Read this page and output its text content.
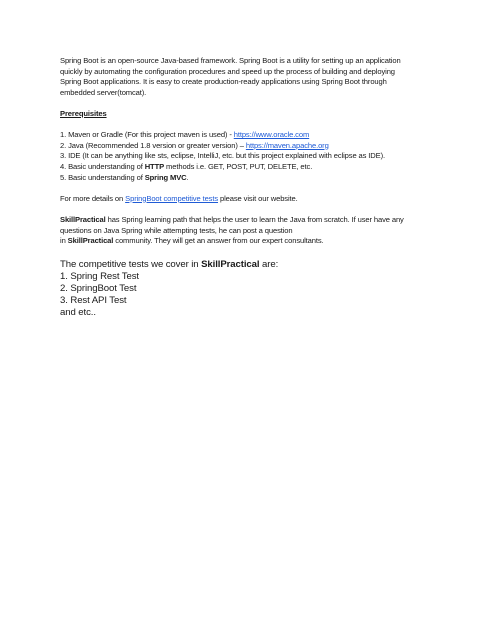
Spring Boot is an open-source Java-based framework. Spring Boot is a utility for setting up an application

quickly by automating the configuration procedures and speed up the process of building and deploying

Spring Boot applications. It is easy to create production-ready applications using Spring Boot through

embedded server(tomcat).

Prerequisites

1. Maven or Gradle (For this project maven is used) - https://www.oracle.com

2. Java (Recommended 1.8 version or greater version) – https://maven.apache.org

3. IDE (It can be anything like sts, eclipse, IntelliJ, etc. but this project explained with eclipse as IDE).

4. Basic understanding of HTTP methods i.e. GET, POST, PUT, DELETE, etc.

5. Basic understanding of Spring MVC.

For more details on SpringBoot competitive tests please visit our website.

SkillPractical has Spring learning path that helps the user to learn the Java from scratch. If user have any

questions on Java Spring while attempting tests, he can post a question

in SkillPractical community. They will get an answer from our expert consultants.

The competitive tests we cover in SkillPractical are:

1. Spring Rest Test

2. SpringBoot Test

3. Rest API Test

and etc..
